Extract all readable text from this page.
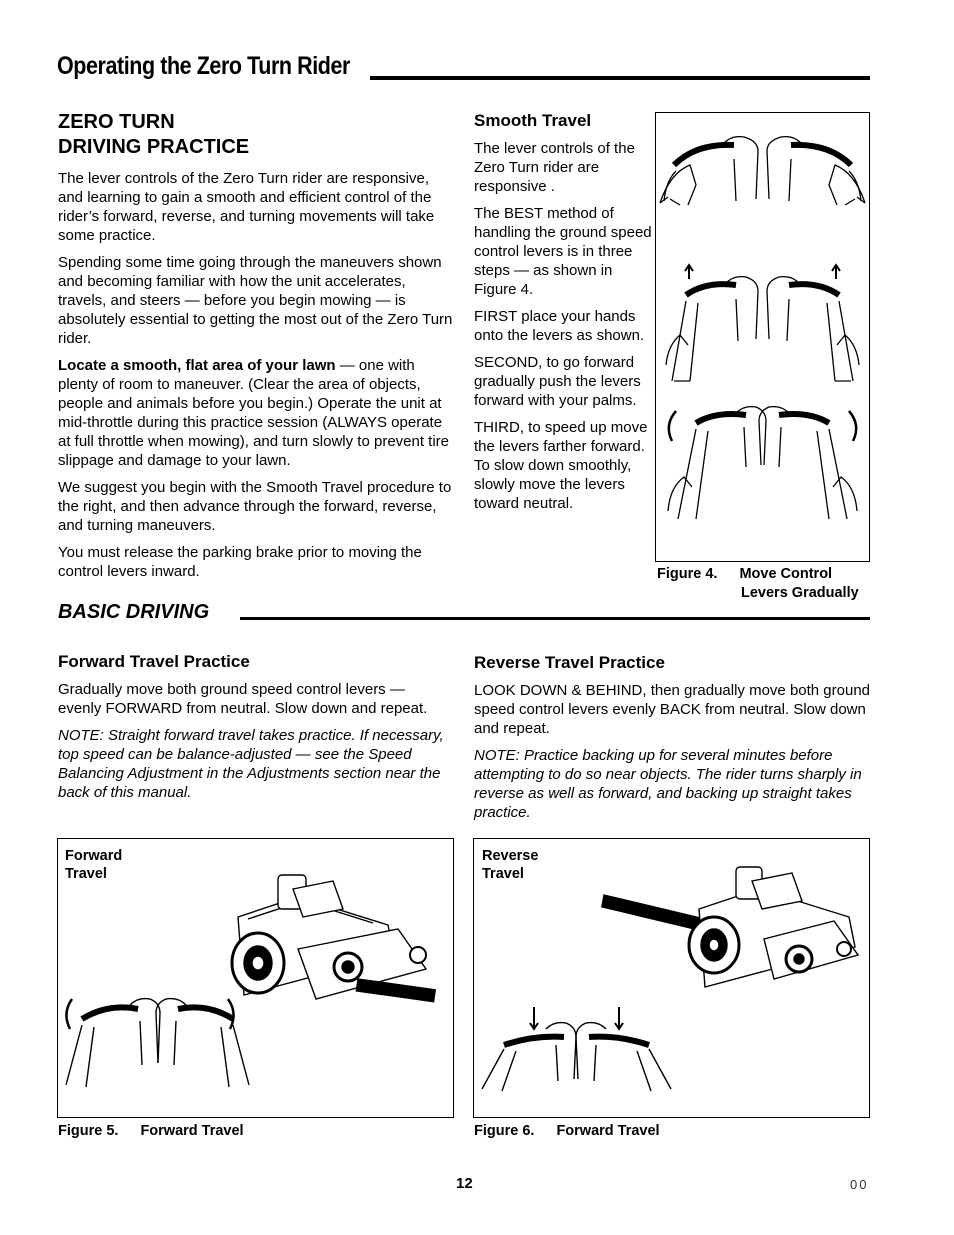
Operating the Zero Turn Rider
ZERO TURN
DRIVING PRACTICE

The lever controls of the Zero Turn rider are responsive, and learning to gain a smooth and efficient control of the rider’s forward, reverse, and turning movements will take some practice.

Spending some time going through the maneuvers shown and becoming familiar with how the unit accelerates, travels, and steers — before you begin mowing — is absolutely essential to getting the most out of the Zero Turn rider.

Locate a smooth, flat area of your lawn — one with plenty of room to maneuver. (Clear the area of objects, people and animals before you begin.) Operate the unit at mid-throttle during this practice session (ALWAYS operate at full throttle when mowing), and turn slowly to prevent tire slippage and damage to your lawn.

We suggest you begin with the Smooth Travel procedure to the right, and then advance through the forward, reverse, and turning maneuvers.

You must release the parking brake prior to moving the control levers inward.

Smooth Travel

The lever controls of the Zero Turn rider are responsive .

The BEST method of handling the ground speed control levers is in three steps — as shown in Figure 4.

FIRST place your hands onto the levers as shown.

SECOND, to go forward gradually push the levers forward with your palms.

THIRD, to speed up move the levers farther forward. To slow down smoothly, slowly move the levers toward neutral.

Figure 4. Move Control
Levers Gradually
BASIC DRIVING
Forward Travel Practice

Gradually move both ground speed control levers — evenly FORWARD from neutral. Slow down and repeat.

NOTE: Straight forward travel takes practice. If necessary, top speed can be balance-adjusted — see the Speed Balancing Adjustment in the Adjustments section near the back of this manual.

Reverse Travel Practice

LOOK DOWN & BEHIND, then gradually move both ground speed control levers evenly BACK from neutral. Slow down and repeat.

NOTE: Practice backing up for several minutes before attempting to do so near objects. The rider turns sharply in reverse as well as forward, and backing up straight takes practice.

Forward
Travel
Figure 5. Forward Travel
Reverse
Travel
Figure 6. Forward Travel
12	00
